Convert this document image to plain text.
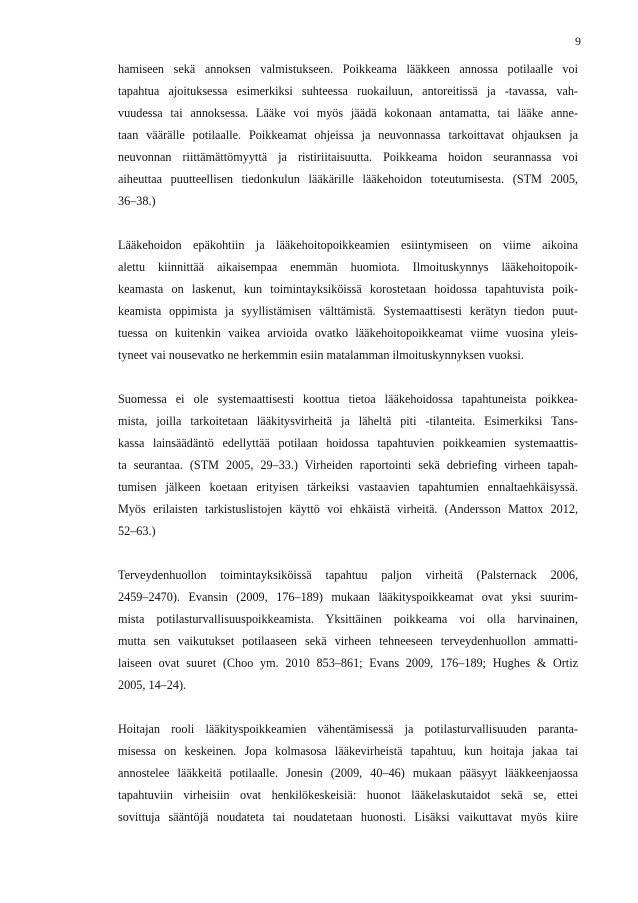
9
hamiseen sekä annoksen valmistukseen. Poikkeama lääkkeen annossa potilaalle voi
tapahtua ajoituksessa esimerkiksi suhteessa ruokailuun, antoreitissä ja -tavassa, vah-
vuudessa tai annoksessa. Lääke voi myös jäädä kokonaan antamatta, tai lääke anne-
taan väärälle potilaalle. Poikkeamat ohjeissa ja neuvonnassa tarkoittavat ohjauksen ja
neuvonnan riittämättömyyttä ja ristiriitaisuutta. Poikkeama hoidon seurannassa voi
aiheuttaa puutteellisen tiedonkulun lääkärille lääkehoidon toteutumisesta. (STM 2005,
36–38.)
Lääkehoidon epäkohtiin ja lääkehoitopoikkeamien esiintymiseen on viime aikoina
alettu kiinnittää aikaisempaa enemmän huomiota. Ilmoituskynnys lääkehoitopoik-
keamasta on laskenut, kun toimintayksiköissä korostetaan hoidossa tapahtuvista poik-
keamista oppimista ja syyllistämisen välttämistä. Systemaattisesti kerätyn tiedon puut-
tuessa on kuitenkin vaikea arvioida ovatko lääkehoitopoikkeamat viime vuosina yleis-
tyneet vai nousevatko ne herkemmin esiin matalamman ilmoituskynnyksen vuoksi.
Suomessa ei ole systemaattisesti koottua tietoa lääkehoidossa tapahtuneista poikkea-
mista, joilla tarkoitetaan lääkitysvirheitä ja läheltä piti -tilanteita. Esimerkiksi Tans-
kassa lainsäädäntö edellyttää potilaan hoidossa tapahtuvien poikkeamien systemaattis-
ta seurantaa. (STM 2005, 29–33.) Virheiden raportointi sekä debriefing virheen tapah-
tumisen jälkeen koetaan erityisen tärkeiksi vastaavien tapahtumien ennaltaehkäisyssä.
Myös erilaisten tarkistuslistojen käyttö voi ehkäistä virheitä. (Andersson Mattox 2012,
52–63.)
Terveydenhuollon toimintayksiköissä tapahtuu paljon virheitä (Palsternack 2006,
2459–2470). Evansin (2009, 176–189) mukaan lääkityspoikkeamat ovat yksi suurim-
mista potilasturvallisuuspoikkeamista. Yksittäinen poikkeama voi olla harvinainen,
mutta sen vaikutukset potilaaseen sekä virheen tehneeseen terveydenhuollon ammatti-
laiseen ovat suuret (Choo ym. 2010 853–861; Evans 2009, 176–189; Hughes & Ortiz
2005, 14–24).
Hoitajan rooli lääkityspoikkeamien vähentämisessä ja potilasturvallisuuden paranta-
misessa on keskeinen. Jopa kolmasosa lääkevirheistä tapahtuu, kun hoitaja jakaa tai
annostelee lääkkeitä potilaalle. Jonesin (2009, 40–46) mukaan pääsyyt lääkkeenjaossa
tapahtuviin virheisiin ovat henkilökeskeisiä: huonot lääkelaskutaidot sekä se, ettei
sovittuja sääntöjä noudateta tai noudatetaan huonosti. Lisäksi vaikuttavat myös kiire
